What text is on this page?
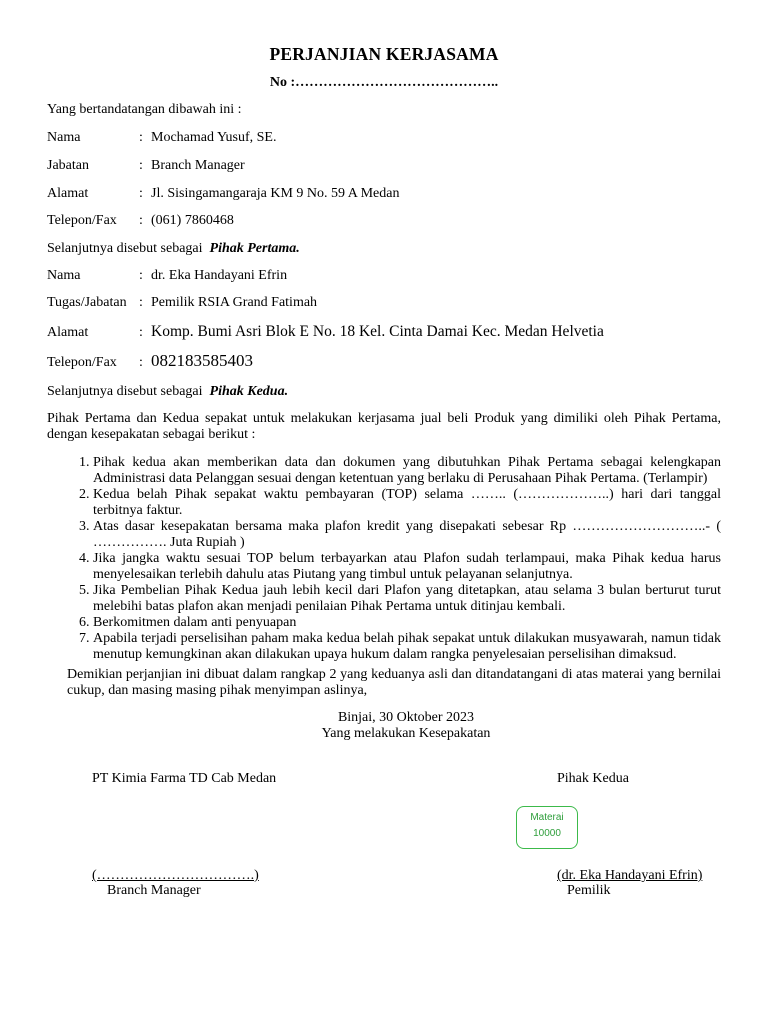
PERJANJIAN KERJASAMA
No :……………………………………..
Yang bertandatangan dibawah ini :
Nama	: Mochamad Yusuf, SE.
Jabatan	: Branch Manager
Alamat	: Jl. Sisingamangaraja KM 9 No. 59 A Medan
Telepon/Fax : (061) 7860468
Selanjutnya disebut sebagai Pihak Pertama.
Nama	: dr. Eka Handayani Efrin
Tugas/Jabatan : Pemilik RSIA Grand Fatimah
Alamat	: Komp. Bumi Asri Blok E No. 18 Kel. Cinta Damai Kec. Medan Helvetia
Telepon/Fax : 082183585403
Selanjutnya disebut sebagai Pihak Kedua.
Pihak Pertama dan Kedua sepakat untuk melakukan kerjasama jual beli Produk yang dimiliki oleh Pihak Pertama, dengan kesepakatan sebagai berikut :
1. Pihak kedua akan memberikan data dan dokumen yang dibutuhkan Pihak Pertama sebagai kelengkapan Administrasi data Pelanggan sesuai dengan ketentuan yang berlaku di Perusahaan Pihak Pertama. (Terlampir)
2. Kedua belah Pihak sepakat waktu pembayaran (TOP) selama …….. (………………..) hari dari tanggal terbitnya faktur.
3. Atas dasar kesepakatan bersama maka plafon kredit yang disepakati sebesar Rp ………………………..- ( ……………. Juta Rupiah )
4. Jika jangka waktu sesuai TOP belum terbayarkan atau Plafon sudah terlampaui, maka Pihak kedua harus menyelesaikan terlebih dahulu atas Piutang yang timbul untuk pelayanan selanjutnya.
5. Jika Pembelian Pihak Kedua jauh lebih kecil dari Plafon yang ditetapkan, atau selama 3 bulan berturut turut melebihi batas plafon akan menjadi penilaian Pihak Pertama untuk ditinjau kembali.
6. Berkomitmen dalam anti penyuapan
7. Apabila terjadi perselisihan paham maka kedua belah pihak sepakat untuk dilakukan musyawarah, namun tidak menutup kemungkinan akan dilakukan upaya hukum dalam rangka penyelesaian perselisihan dimaksud.
Demikian perjanjian ini dibuat dalam rangkap 2 yang keduanya asli dan ditandatangani di atas materai yang bernilai cukup, dan masing masing pihak menyimpan aslinya,
Binjai, 30 Oktober 2023
Yang melakukan Kesepakatan
PT Kimia Farma TD Cab Medan	Pihak Kedua
Materai
10000
(…………………………….)
Branch Manager
(dr. Eka Handayani Efrin)
Pemilik
